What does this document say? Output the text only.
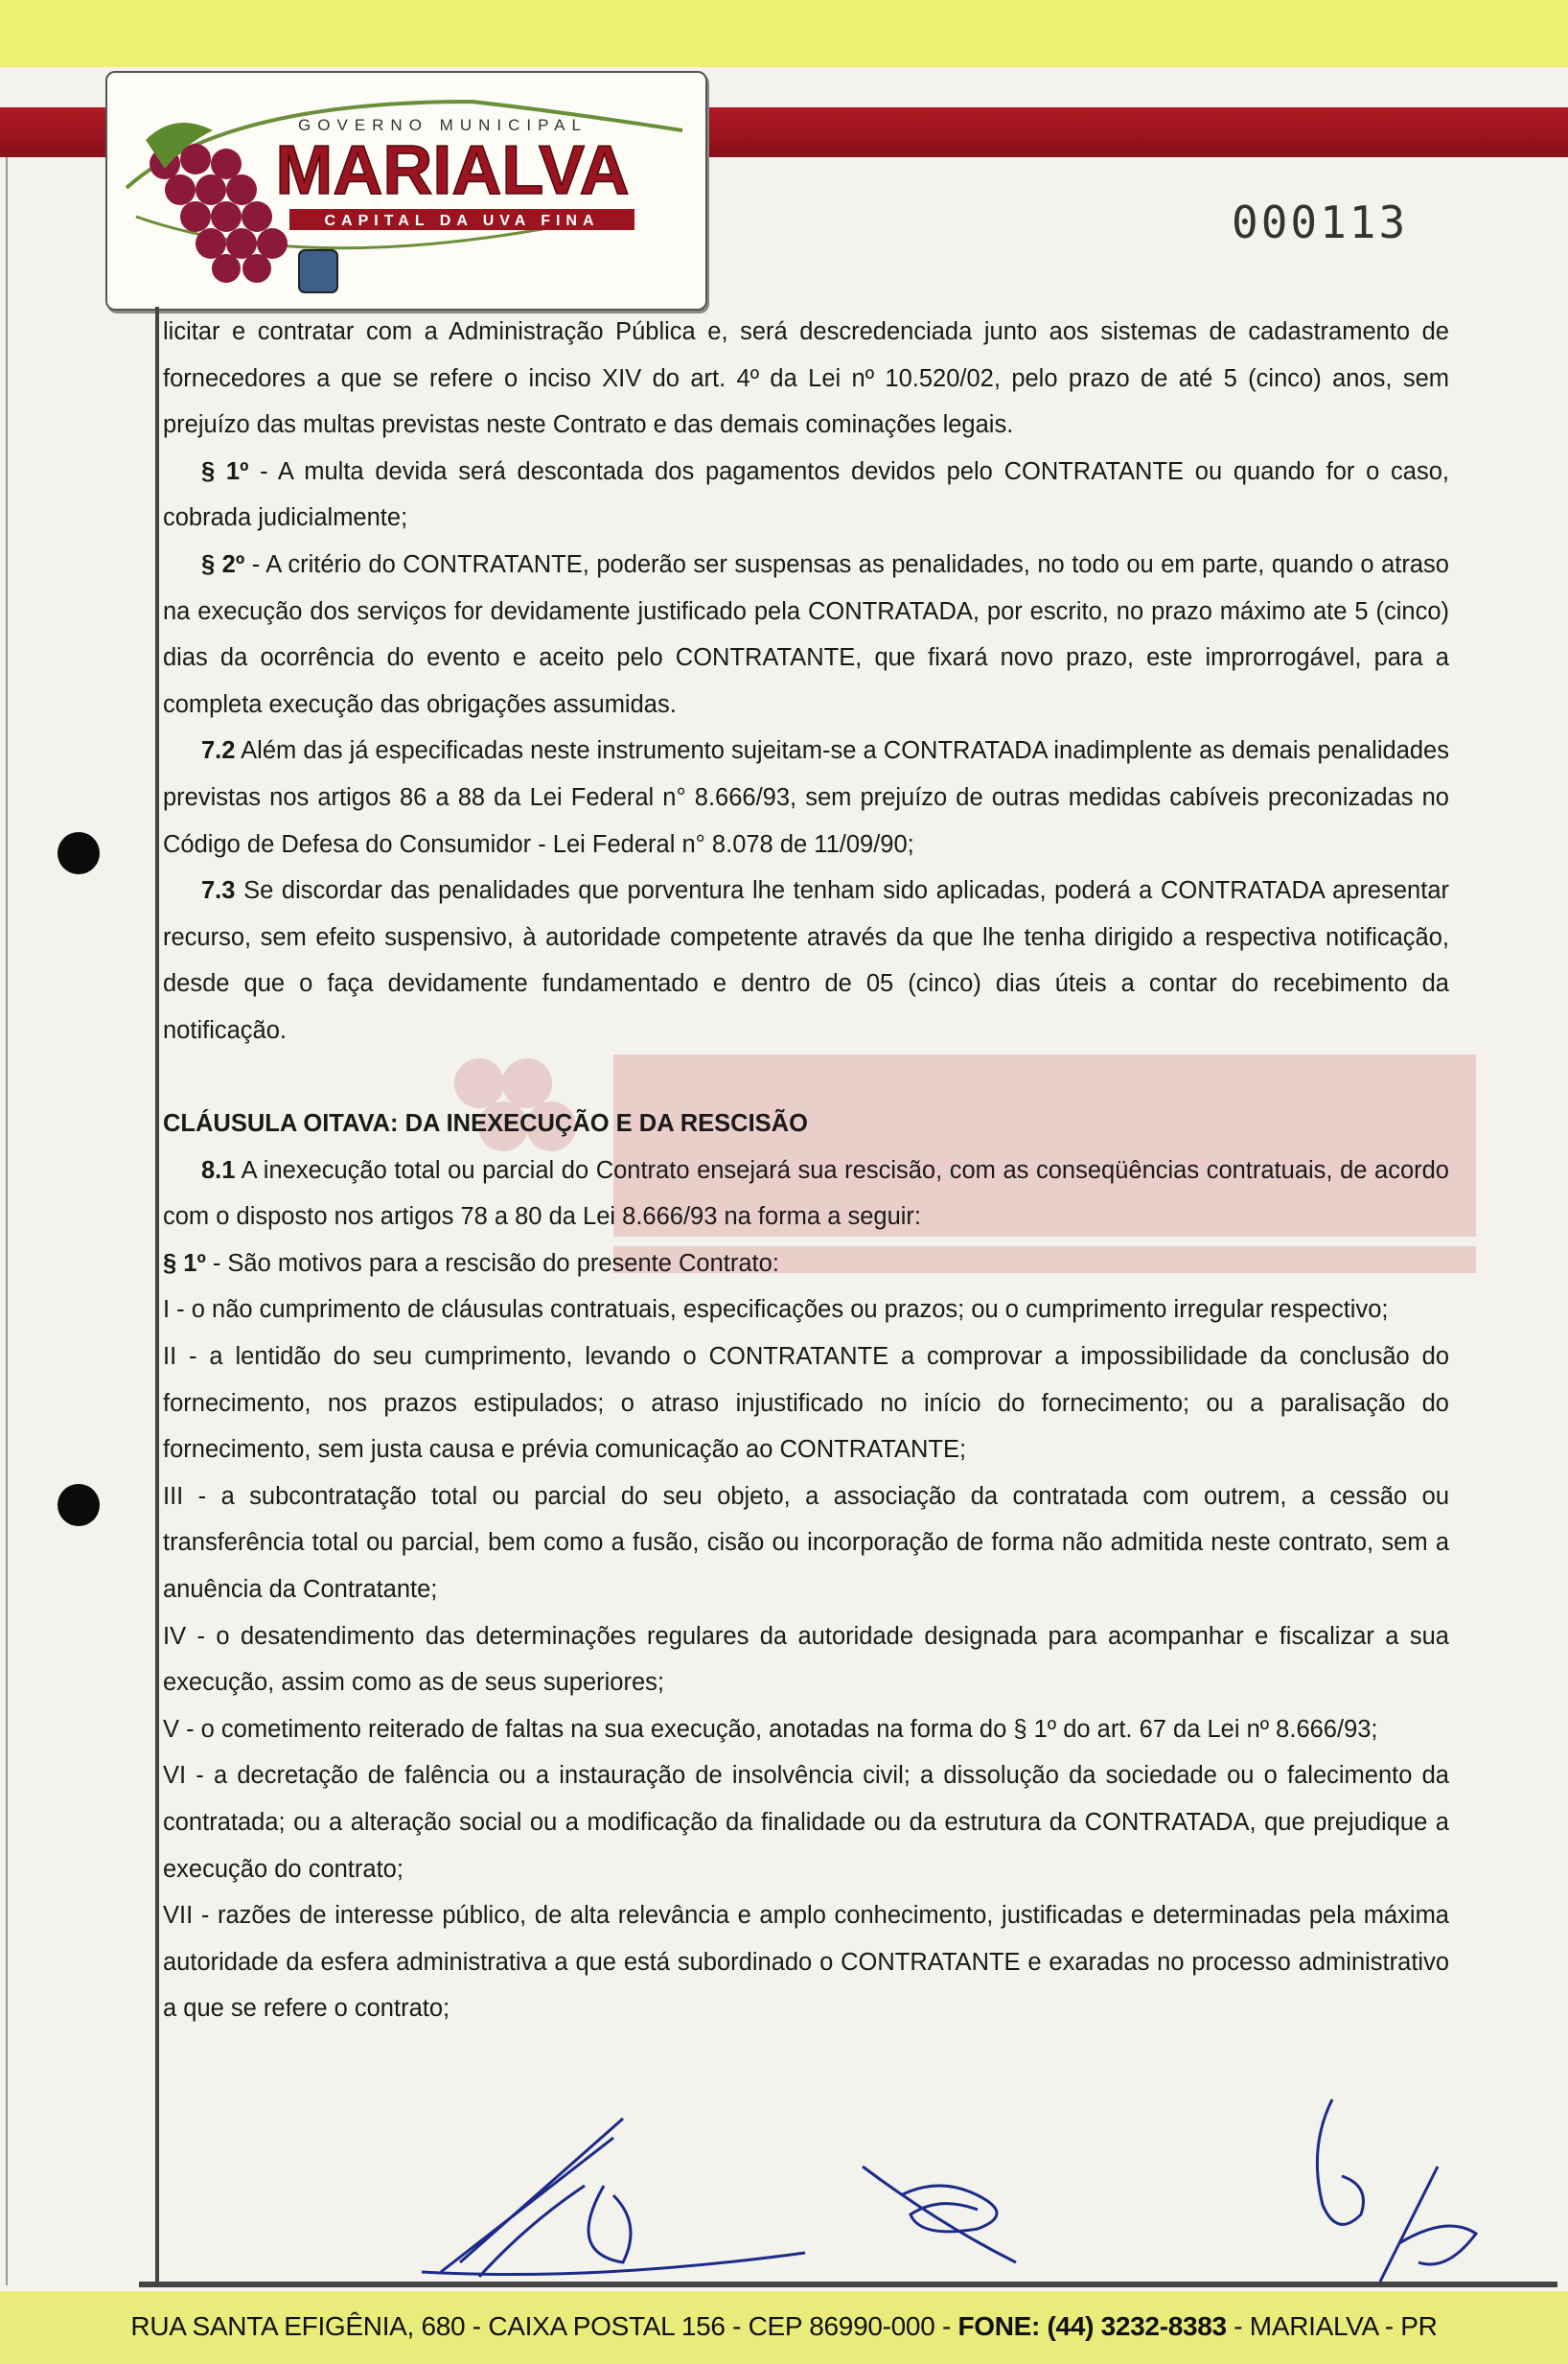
GOVERNO MUNICIPAL
MARIALVA
CAPITAL DA UVA FINA	000113

licitar e contratar com a Administração Pública e, será descredenciada junto aos sistemas de cadastramento de fornecedores a que se refere o inciso XIV do art. 4º da Lei nº 10.520/02, pelo prazo de até 5 (cinco) anos, sem prejuízo das multas previstas neste Contrato e das demais cominações legais.

§ 1º - A multa devida será descontada dos pagamentos devidos pelo CONTRATANTE ou quando for o caso, cobrada judicialmente;

§ 2º - A critério do CONTRATANTE, poderão ser suspensas as penalidades, no todo ou em parte, quando o atraso na execução dos serviços for devidamente justificado pela CONTRATADA, por escrito, no prazo máximo ate 5 (cinco) dias da ocorrência do evento e aceito pelo CONTRATANTE, que fixará novo prazo, este improrrogável, para a completa execução das obrigações assumidas.

7.2 Além das já especificadas neste instrumento sujeitam-se a CONTRATADA inadimplente as demais penalidades previstas nos artigos 86 a 88 da Lei Federal n° 8.666/93, sem prejuízo de outras medidas cabíveis preconizadas no Código de Defesa do Consumidor - Lei Federal n° 8.078 de 11/09/90;

7.3 Se discordar das penalidades que porventura lhe tenham sido aplicadas, poderá a CONTRATADA apresentar recurso, sem efeito suspensivo, à autoridade competente através da que lhe tenha dirigido a respectiva notificação, desde que o faça devidamente fundamentado e dentro de 05 (cinco) dias úteis a contar do recebimento da notificação.

CLÁUSULA OITAVA: DA INEXECUÇÃO E DA RESCISÃO

8.1 A inexecução total ou parcial do Contrato ensejará sua rescisão, com as conseqüências contratuais, de acordo com o disposto nos artigos 78 a 80 da Lei 8.666/93 na forma a seguir:

§ 1º - São motivos para a rescisão do presente Contrato:

I - o não cumprimento de cláusulas contratuais, especificações ou prazos; ou o cumprimento irregular respectivo;

II - a lentidão do seu cumprimento, levando o CONTRATANTE a comprovar a impossibilidade da conclusão do fornecimento, nos prazos estipulados; o atraso injustificado no início do fornecimento; ou a paralisação do fornecimento, sem justa causa e prévia comunicação ao CONTRATANTE;

III - a subcontratação total ou parcial do seu objeto, a associação da contratada com outrem, a cessão ou transferência total ou parcial, bem como a fusão, cisão ou incorporação de forma não admitida neste contrato, sem a anuência da Contratante;

IV - o desatendimento das determinações regulares da autoridade designada para acompanhar e fiscalizar a sua execução, assim como as de seus superiores;

V - o cometimento reiterado de faltas na sua execução, anotadas na forma do § 1º do art. 67 da Lei nº 8.666/93;

VI - a decretação de falência ou a instauração de insolvência civil; a dissolução da sociedade ou o falecimento da contratada; ou a alteração social ou a modificação da finalidade ou da estrutura da CONTRATADA, que prejudique a execução do contrato;

VII - razões de interesse público, de alta relevância e amplo conhecimento, justificadas e determinadas pela máxima autoridade da esfera administrativa a que está subordinado o CONTRATANTE e exaradas no processo administrativo a que se refere o contrato;

RUA SANTA EFIGÊNIA, 680 - CAIXA POSTAL 156 - CEP 86990-000 - FONE: (44) 3232-8383 - MARIALVA - PR
